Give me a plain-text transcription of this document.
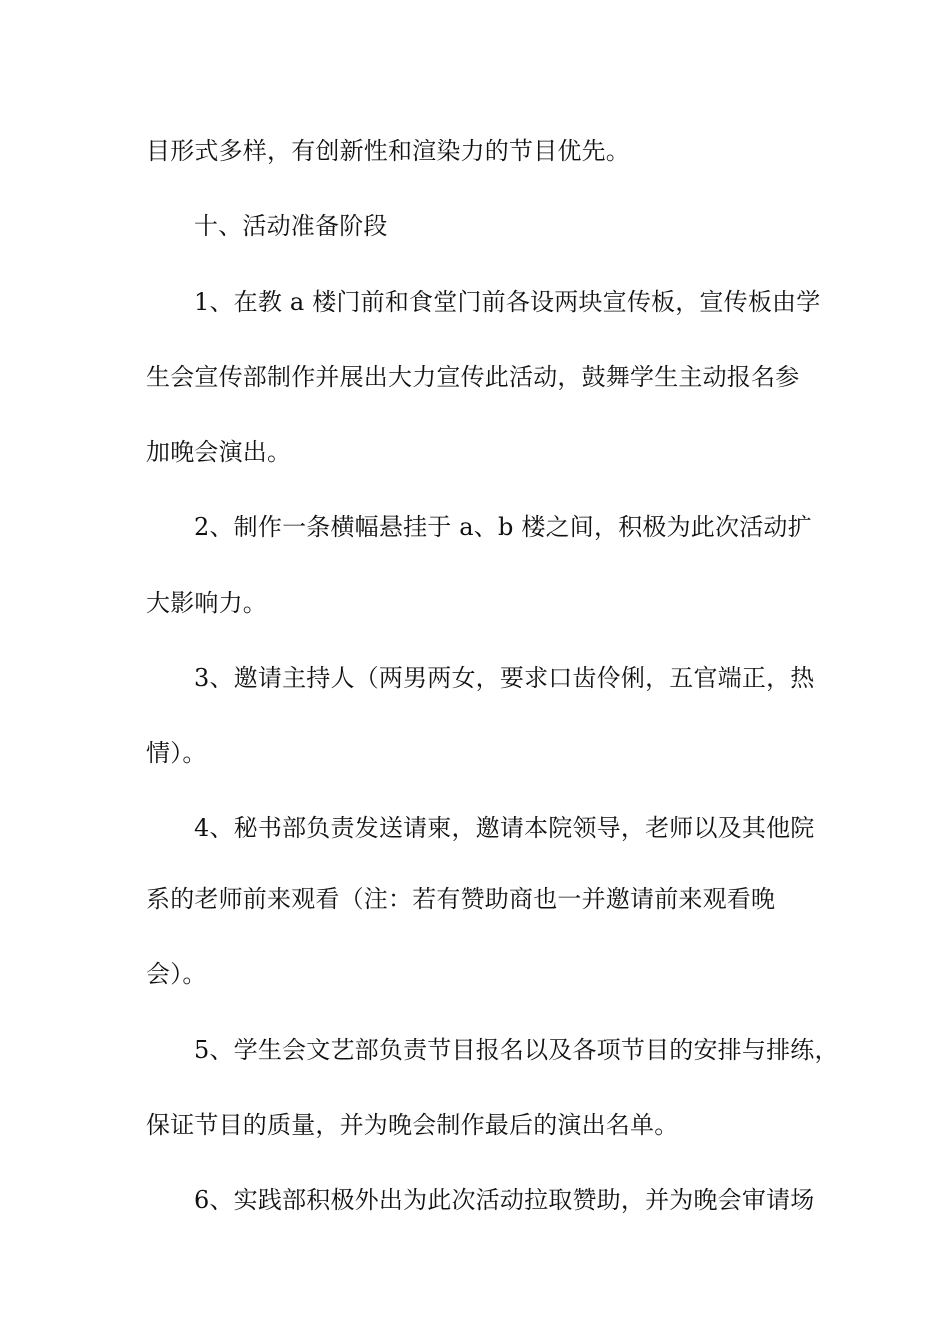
目形式多样，有创新性和渲染力的节目优先。
十、活动准备阶段
1、在教 a 楼门前和食堂门前各设两块宣传板，宣传板由学
生会宣传部制作并展出大力宣传此活动，鼓舞学生主动报名参
加晚会演出。
2、制作一条横幅悬挂于 a、b 楼之间，积极为此次活动扩
大影响力。
3、邀请主持人（两男两女，要求口齿伶俐，五官端正，热
情）。
4、秘书部负责发送请柬，邀请本院领导，老师以及其他院
系的老师前来观看（注：若有赞助商也一并邀请前来观看晚
会）。
5、学生会文艺部负责节目报名以及各项节目的安排与排练，
保证节目的质量，并为晚会制作最后的演出名单。
6、实践部积极外出为此次活动拉取赞助，并为晚会审请场
